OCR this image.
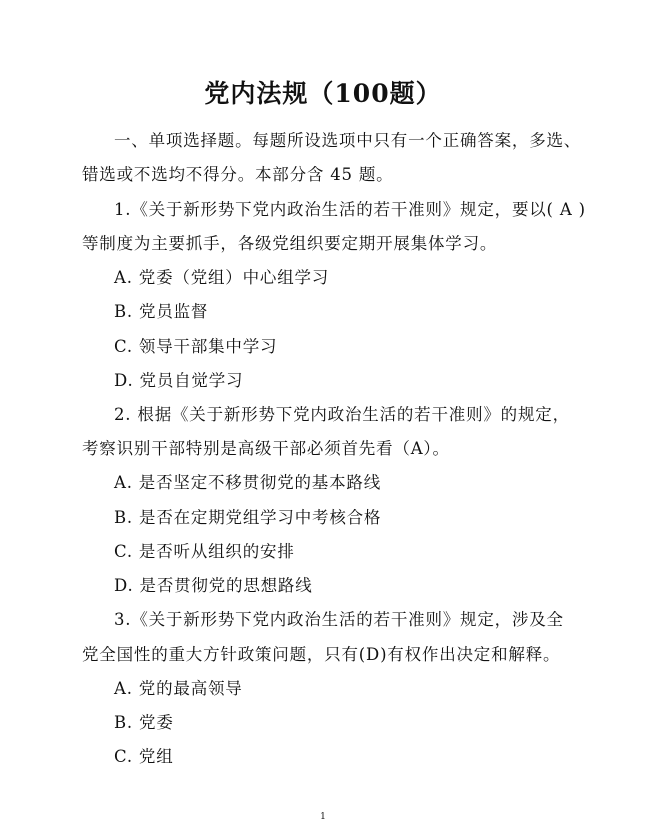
党内法规（100题）
一、单项选择题。每题所设选项中只有一个正确答案，多选、
错选或不选均不得分。本部分含 45 题。
1.《关于新形势下党内政治生活的若干准则》规定，要以( A )
等制度为主要抓手，各级党组织要定期开展集体学习。
A. 党委（党组）中心组学习
B. 党员监督
C. 领导干部集中学习
D. 党员自觉学习
2. 根据《关于新形势下党内政治生活的若干准则》的规定，
考察识别干部特别是高级干部必须首先看（A）。
A. 是否坚定不移贯彻党的基本路线
B. 是否在定期党组学习中考核合格
C. 是否听从组织的安排
D. 是否贯彻党的思想路线
3.《关于新形势下党内政治生活的若干准则》规定，涉及全
党全国性的重大方针政策问题，只有(D)有权作出决定和解释。
A. 党的最高领导
B. 党委
C. 党组
1
